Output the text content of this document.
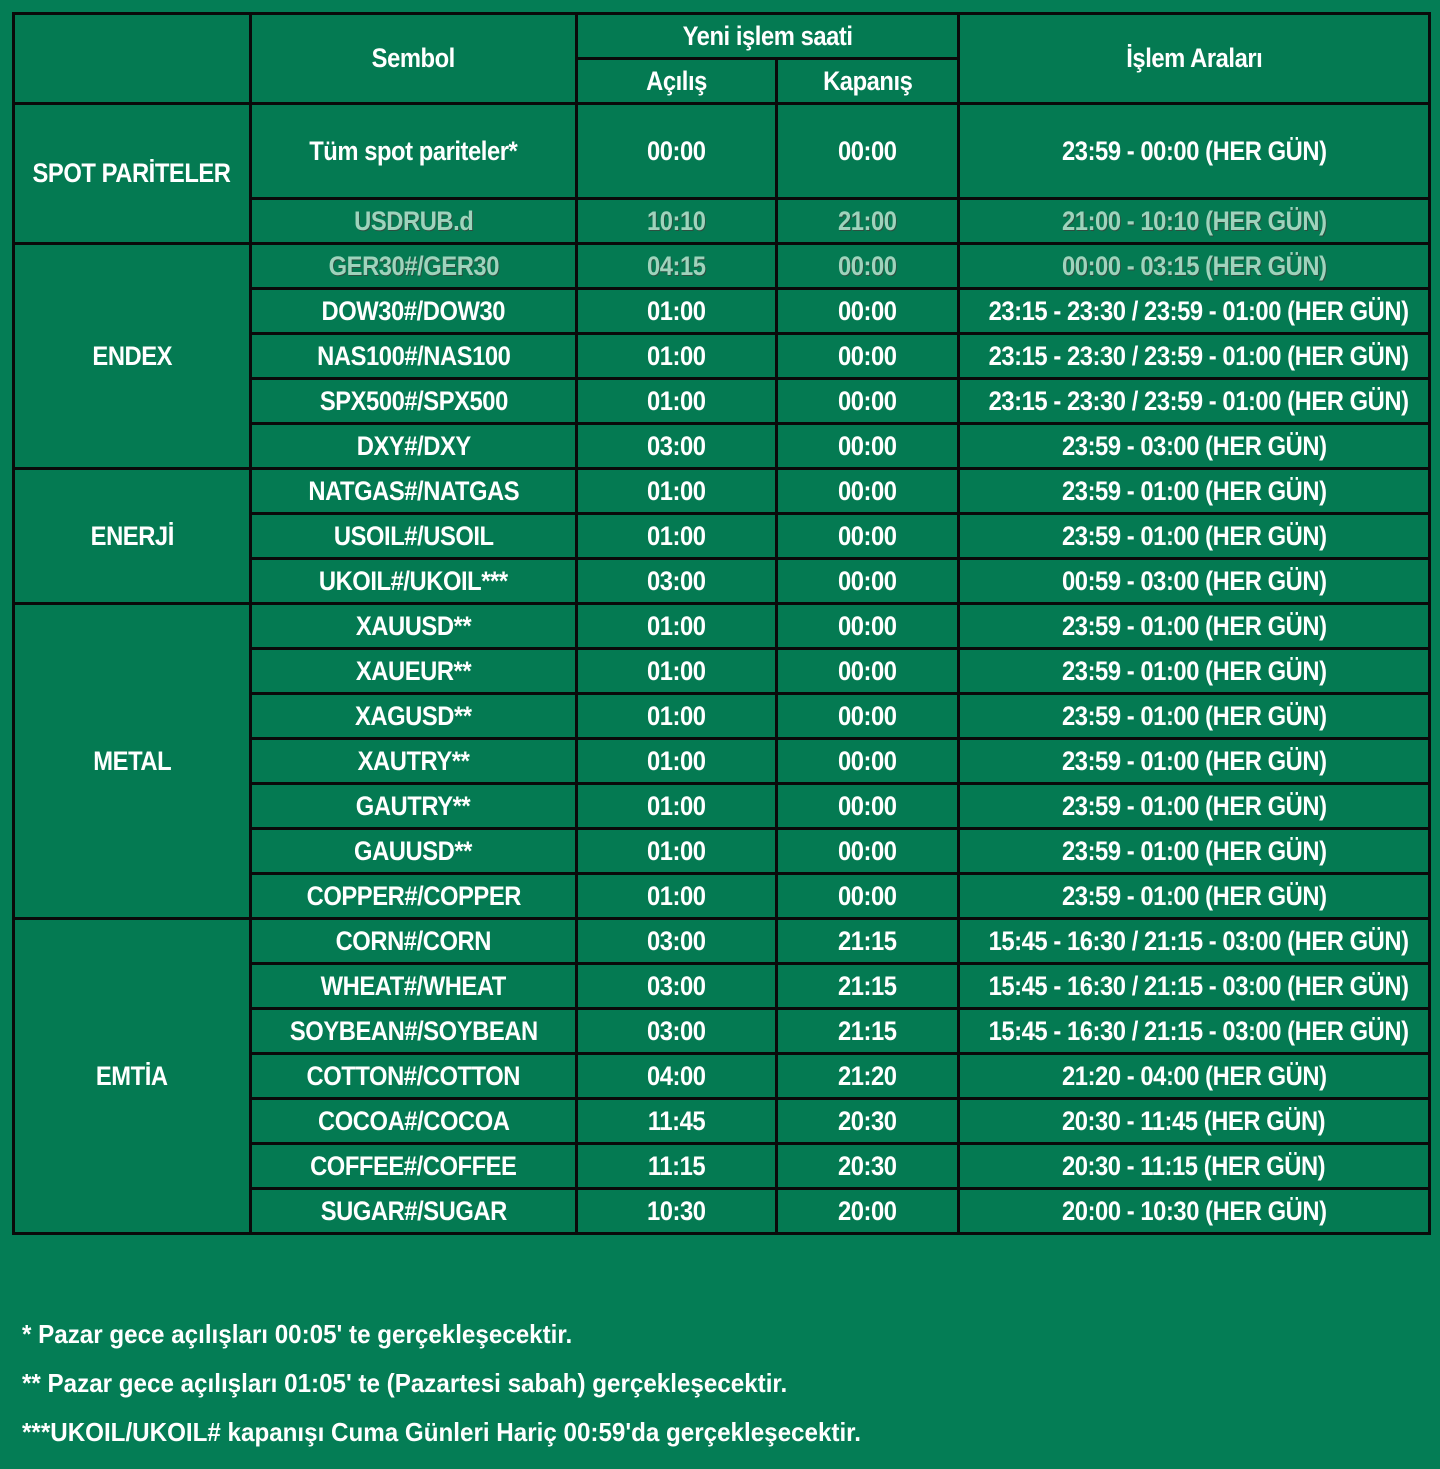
	Sembol	Yeni işlem saati		İşlem Araları
		Açılış	Kapanış	
SPOT PARİTELER	Tüm spot pariteler*	00:00	00:00	23:59 - 00:00 (HER GÜN)
	USDRUB.d	10:10	21:00	21:00 - 10:10 (HER GÜN)
ENDEX	GER30#/GER30	04:15	00:00	00:00 - 03:15 (HER GÜN)
	DOW30#/DOW30	01:00	00:00	23:15 - 23:30 / 23:59 - 01:00 (HER GÜN)
	NAS100#/NAS100	01:00	00:00	23:15 - 23:30 / 23:59 - 01:00 (HER GÜN)
	SPX500#/SPX500	01:00	00:00	23:15 - 23:30 / 23:59 - 01:00 (HER GÜN)
	DXY#/DXY	03:00	00:00	23:59 - 03:00 (HER GÜN)
ENERJİ	NATGAS#/NATGAS	01:00	00:00	23:59 - 01:00 (HER GÜN)
	USOIL#/USOIL	01:00	00:00	23:59 - 01:00 (HER GÜN)
	UKOIL#/UKOIL***	03:00	00:00	00:59 - 03:00 (HER GÜN)
METAL	XAUUSD**	01:00	00:00	23:59 - 01:00 (HER GÜN)
	XAUEUR**	01:00	00:00	23:59 - 01:00 (HER GÜN)
	XAGUSD**	01:00	00:00	23:59 - 01:00 (HER GÜN)
	XAUTRY**	01:00	00:00	23:59 - 01:00 (HER GÜN)
	GAUTRY**	01:00	00:00	23:59 - 01:00 (HER GÜN)
	GAUUSD**	01:00	00:00	23:59 - 01:00 (HER GÜN)
	COPPER#/COPPER	01:00	00:00	23:59 - 01:00 (HER GÜN)
EMTİA	CORN#/CORN	03:00	21:15	15:45 - 16:30 / 21:15 - 03:00 (HER GÜN)
	WHEAT#/WHEAT	03:00	21:15	15:45 - 16:30 / 21:15 - 03:00 (HER GÜN)
	SOYBEAN#/SOYBEAN	03:00	21:15	15:45 - 16:30 / 21:15 - 03:00 (HER GÜN)
	COTTON#/COTTON	04:00	21:20	21:20 - 04:00 (HER GÜN)
	COCOA#/COCOA	11:45	20:30	20:30 - 11:45 (HER GÜN)
	COFFEE#/COFFEE	11:15	20:30	20:30 - 11:15 (HER GÜN)
	SUGAR#/SUGAR	10:30	20:00	20:00 - 10:30 (HER GÜN)
* Pazar gece açılışları 00:05' te gerçekleşecektir.
** Pazar gece açılışları 01:05' te (Pazartesi sabah) gerçekleşecektir.
***UKOIL/UKOIL# kapanışı Cuma Günleri Hariç 00:59'da gerçekleşecektir.
